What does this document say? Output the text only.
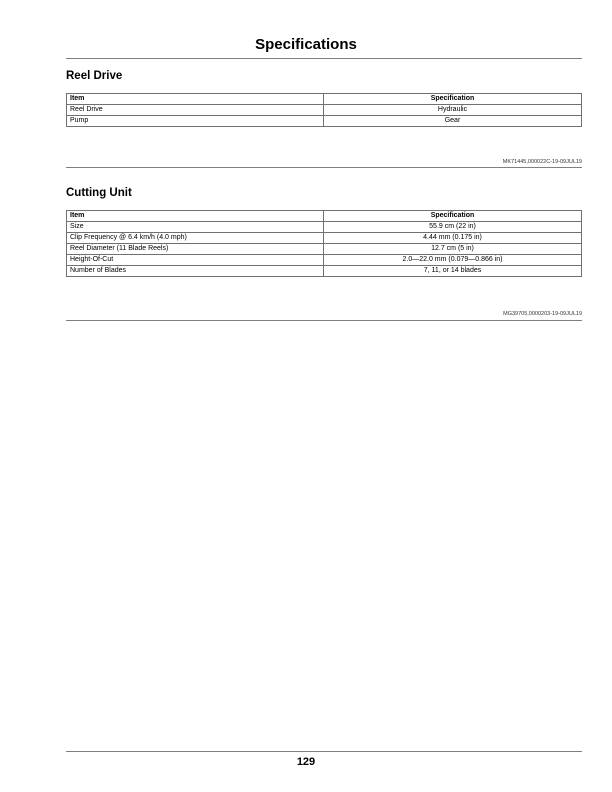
Specifications
Reel Drive
Item	Specification
Reel Drive	Hydraulic
Pump	Gear
MK71445,000022C-19-09JUL19
Cutting Unit
Item	Specification
Size	55.9 cm (22 in)
Clip Frequency @ 6.4 km/h (4.0 mph)	4.44 mm (0.175 in)
Reel Diameter (11 Blade Reels)	12.7 cm (5 in)
Height-Of-Cut	2.0—22.0 mm (0.079—0.866 in)
Number of Blades	7, 11, or 14 blades
MG39705,0000203-19-09JUL19
129
